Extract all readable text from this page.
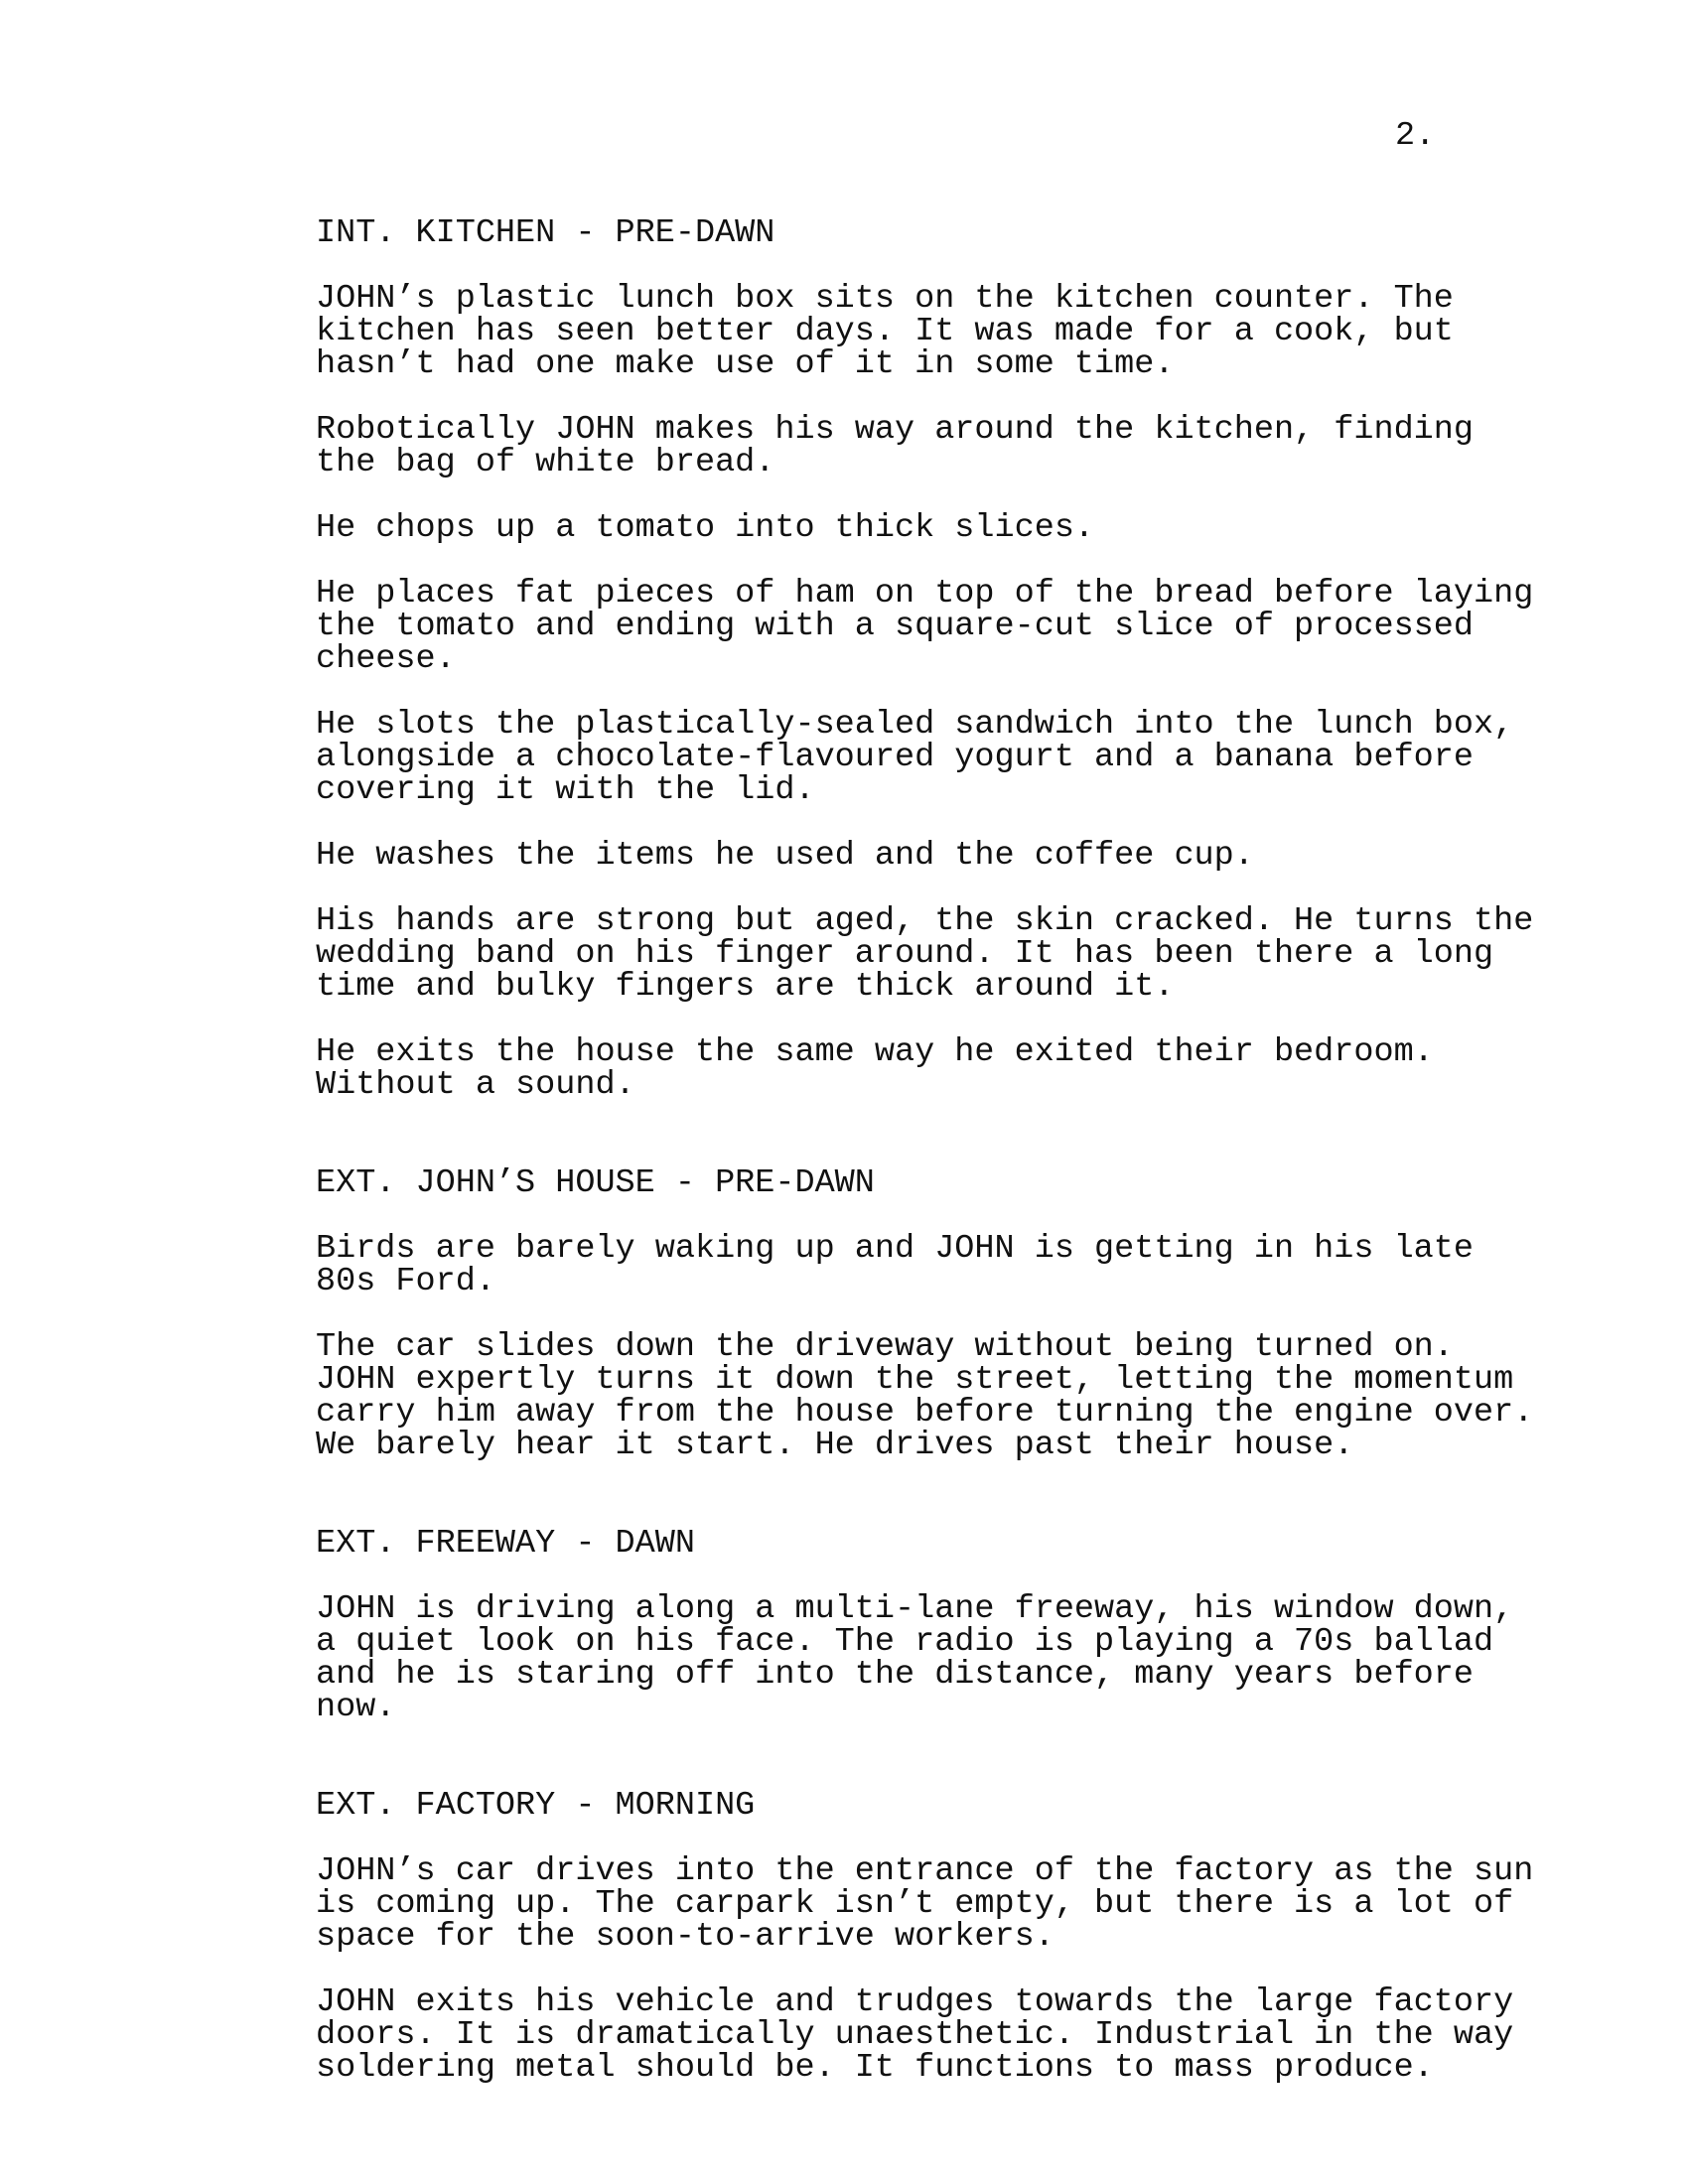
2.
INT. KITCHEN - PRE-DAWN
JOHN’s plastic lunch box sits on the kitchen counter. The
kitchen has seen better days. It was made for a cook, but
hasn’t had one make use of it in some time.
Robotically JOHN makes his way around the kitchen, finding
the bag of white bread.
He chops up a tomato into thick slices.
He places fat pieces of ham on top of the bread before laying
the tomato and ending with a square-cut slice of processed
cheese.
He slots the plastically-sealed sandwich into the lunch box,
alongside a chocolate-flavoured yogurt and a banana before
covering it with the lid.
He washes the items he used and the coffee cup.
His hands are strong but aged, the skin cracked. He turns the
wedding band on his finger around. It has been there a long
time and bulky fingers are thick around it.
He exits the house the same way he exited their bedroom.
Without a sound.
EXT. JOHN’S HOUSE - PRE-DAWN
Birds are barely waking up and JOHN is getting in his late
80s Ford.
The car slides down the driveway without being turned on.
JOHN expertly turns it down the street, letting the momentum
carry him away from the house before turning the engine over.
We barely hear it start. He drives past their house.
EXT. FREEWAY - DAWN
JOHN is driving along a multi-lane freeway, his window down,
a quiet look on his face. The radio is playing a 70s ballad
and he is staring off into the distance, many years before
now.
EXT. FACTORY - MORNING
JOHN’s car drives into the entrance of the factory as the sun
is coming up. The carpark isn’t empty, but there is a lot of
space for the soon-to-arrive workers.
JOHN exits his vehicle and trudges towards the large factory
doors. It is dramatically unaesthetic. Industrial in the way
soldering metal should be. It functions to mass produce.
